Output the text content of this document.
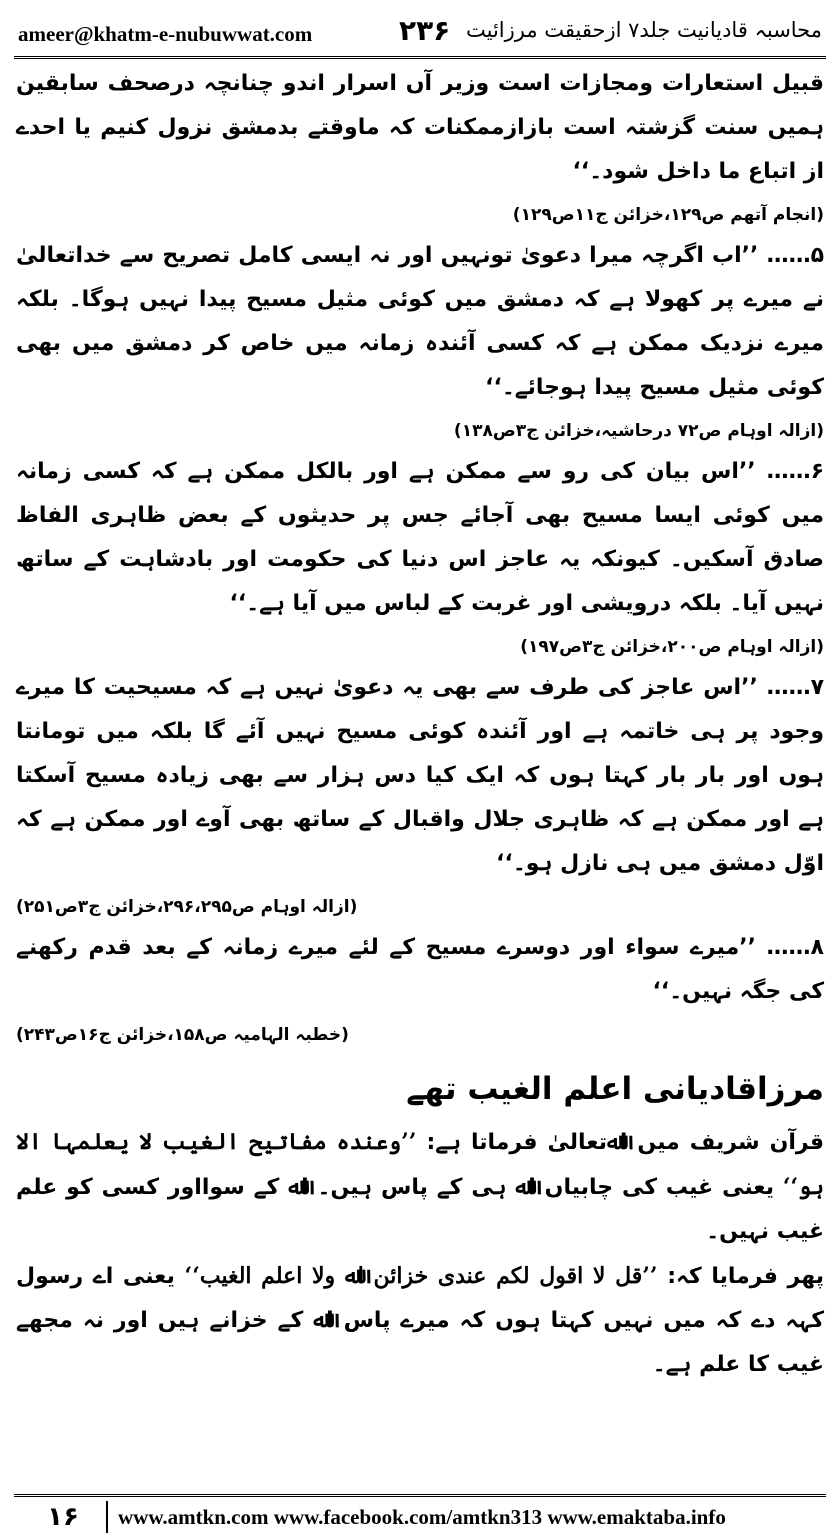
ameer@khatm-e-nubuwwat.com	۲۳۶ محاسبہ قادیانیت جلد۷ ازحقیقت مرزائیت

قبیل استعارات ومجازات است وزیر آں اسرار اندو چنانچہ درصحف سابقین ہمیں سنت گزشتہ است بازازممکنات کہ ماوقتے بدمشق نزول کنیم یا احدے از اتباع ما داخل شود۔‘‘

(انجام آتھم ص۱۲۹،خزائن ج۱۱ص۱۲۹)

۵…… ’’اب اگرچہ میرا دعویٰ تونہیں اور نہ ایسی کامل تصریح سے خداتعالیٰ نے میرے پر کھولا ہے کہ دمشق میں کوئی مثیل مسیح پیدا نہیں ہوگا۔ بلکہ میرے نزدیک ممکن ہے کہ کسی آئندہ زمانہ میں خاص کر دمشق میں بھی کوئی مثیل مسیح پیدا ہوجائے۔‘‘

(ازالہ اوہام ص۷۲ درحاشیہ،خزائن ج۳ص۱۳۸)

۶…… ’’اس بیان کی رو سے ممکن ہے اور بالکل ممکن ہے کہ کسی زمانہ میں کوئی ایسا مسیح بھی آجائے جس پر حدیثوں کے بعض ظاہری الفاظ صادق آسکیں۔ کیونکہ یہ عاجز اس دنیا کی حکومت اور بادشاہت کے ساتھ نہیں آیا۔ بلکہ درویشی اور غربت کے لباس میں آیا ہے۔‘‘

(ازالہ اوہام ص۲۰۰،خزائن ج۳ص۱۹۷)

۷…… ’’اس عاجز کی طرف سے بھی یہ دعویٰ نہیں ہے کہ مسیحیت کا میرے وجود پر ہی خاتمہ ہے اور آئندہ کوئی مسیح نہیں آئے گا بلکہ میں تومانتا ہوں اور بار بار کہتا ہوں کہ ایک کیا دس ہزار سے بھی زیادہ مسیح آسکتا ہے اور ممکن ہے کہ ظاہری جلال واقبال کے ساتھ بھی آوے اور ممکن ہے کہ اوّل دمشق میں ہی نازل ہو۔‘‘

(ازالہ اوہام ص۲۹۶،۲۹۵،خزائن ج۳ص۲۵۱)

۸…… ’’میرے سواء اور دوسرے مسیح کے لئے میرے زمانہ کے بعد قدم رکھنے کی جگہ نہیں۔‘‘

(خطبہ الہامیہ ص۱۵۸،خزائن ج۱۶ص۲۴۳)

مرزاقادیانی اعلم الغیب تھے

قرآن شریف میں اﷲتعالیٰ فرماتا ہے: ’’وعندہ مفاتیح الغیب لا یعلمہا الا ہو‘‘ یعنی غیب کی چابیاں اﷲ ہی کے پاس ہیں۔ اﷲ کے سوااور کسی کو علم غیب نہیں۔

پھر فرمایا کہ: ’’قل لا اقول لکم عندی خزائن اﷲ ولا اعلم الغیب‘‘ یعنی اے رسول کہہ دے کہ میں نہیں کہتا ہوں کہ میرے پاس اﷲ کے خزانے ہیں اور نہ مجھے غیب کا علم ہے۔

۱۶	www.amtkn.com www.facebook.com/amtkn313 www.emaktaba.info
